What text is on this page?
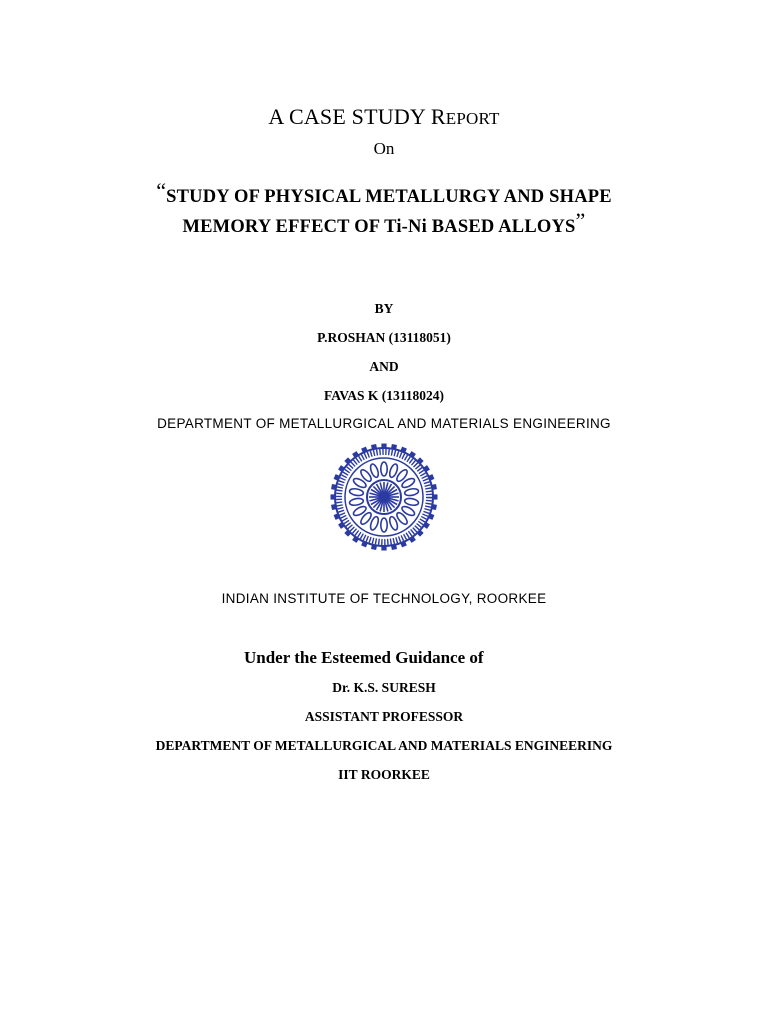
A CASE STUDY REPORT
On
“STUDY OF PHYSICAL METALLURGY AND SHAPE
MEMORY EFFECT OF Ti-Ni BASED ALLOYS”
BY
P.ROSHAN (13118051)
AND
FAVAS K (13118024)
DEPARTMENT OF METALLURGICAL AND MATERIALS ENGINEERING
INDIAN INSTITUTE OF TECHNOLOGY, ROORKEE
Under the Esteemed Guidance of
Dr. K.S. SURESH
ASSISTANT PROFESSOR
DEPARTMENT OF METALLURGICAL AND MATERIALS ENGINEERING
IIT ROORKEE
